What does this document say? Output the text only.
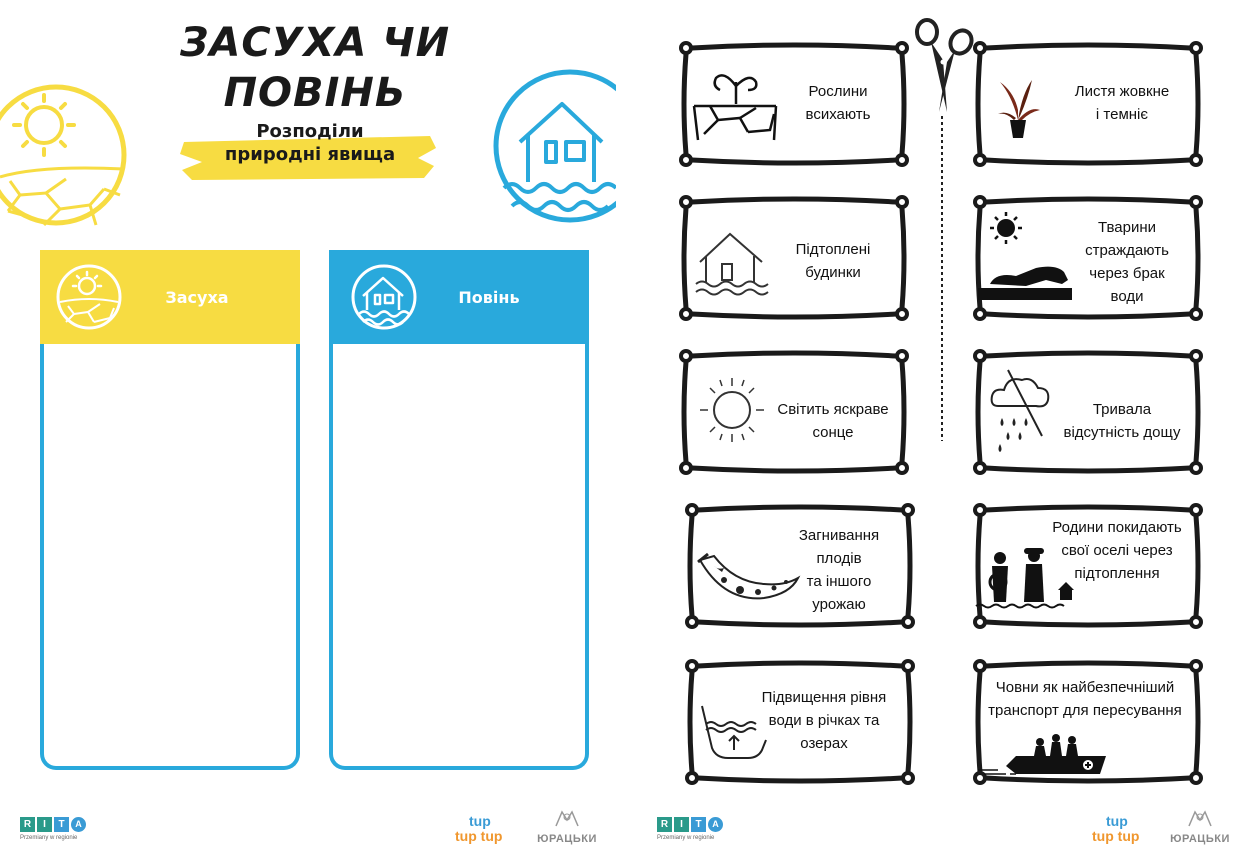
ЗАСУХА ЧИ
ПОВІНЬ
Розподіли
природні явища
Засуха	Повінь
R	I	T	A
Przemiany w regionie
tup
tup tup	ЮРАЦЬКИ
Рослини
всихають
Листя жовкне
і темніє
Підтоплені
будинки
Тварини
страждають
через брак
води
Світить яскраве
сонце
Тривала
відсутність дощу
Загнивання
плодів
та іншого
урожаю
Родини покидають
свої оселі через
підтоплення
Підвищення рівня
води в річках та
озерах
Човни як найбезпечніший
транспорт для пересування
R	I	T	A
Przemiany w regionie
tup
tup tup	ЮРАЦЬКИ
